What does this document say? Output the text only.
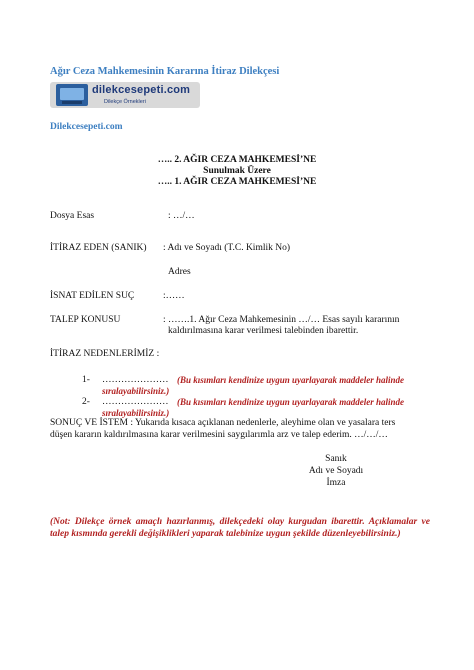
Ağır Ceza Mahkemesinin Kararına İtiraz Dilekçesi
dilekcesepeti.com
Dilekçe Örnekleri
Dilekcesepeti.com
….. 2. AĞIR CEZA MAHKEMESİ’NE
Sunulmak Üzere
….. 1. AĞIR CEZA MAHKEMESİ’NE
Dosya Esas	: …/…
İTİRAZ EDEN (SANIK) : Adı ve Soyadı (T.C. Kimlik No)
Adres
İSNAT EDİLEN SUÇ	:……
TALEP KONUSU	: …….1. Ağır Ceza Mahkemesinin …/… Esas sayılı kararının
kaldırılmasına karar verilmesi talebinden ibarettir.
İTİRAZ NEDENLERİMİZ :
1- ………………… (Bu kısımları kendinize uygun uyarlayarak maddeler halinde
sıralayabilirsiniz.)
2- ………………… (Bu kısımları kendinize uygun uyarlayarak maddeler halinde
sıralayabilirsiniz.)
SONUÇ VE İSTEM : Yukarıda kısaca açıklanan nedenlerle, aleyhime olan ve yasalara ters
düşen kararın kaldırılmasına karar verilmesini saygılarımla arz ve talep ederim. …/…/…
Sanık
Adı ve Soyadı
İmza
(Not: Dilekçe örnek amaçlı hazırlanmış, dilekçedeki olay kurgudan ibarettir. Açıklamalar ve talep kısmında gerekli değişiklikleri yaparak talebinize uygun şekilde düzenleyebilirsiniz.)
